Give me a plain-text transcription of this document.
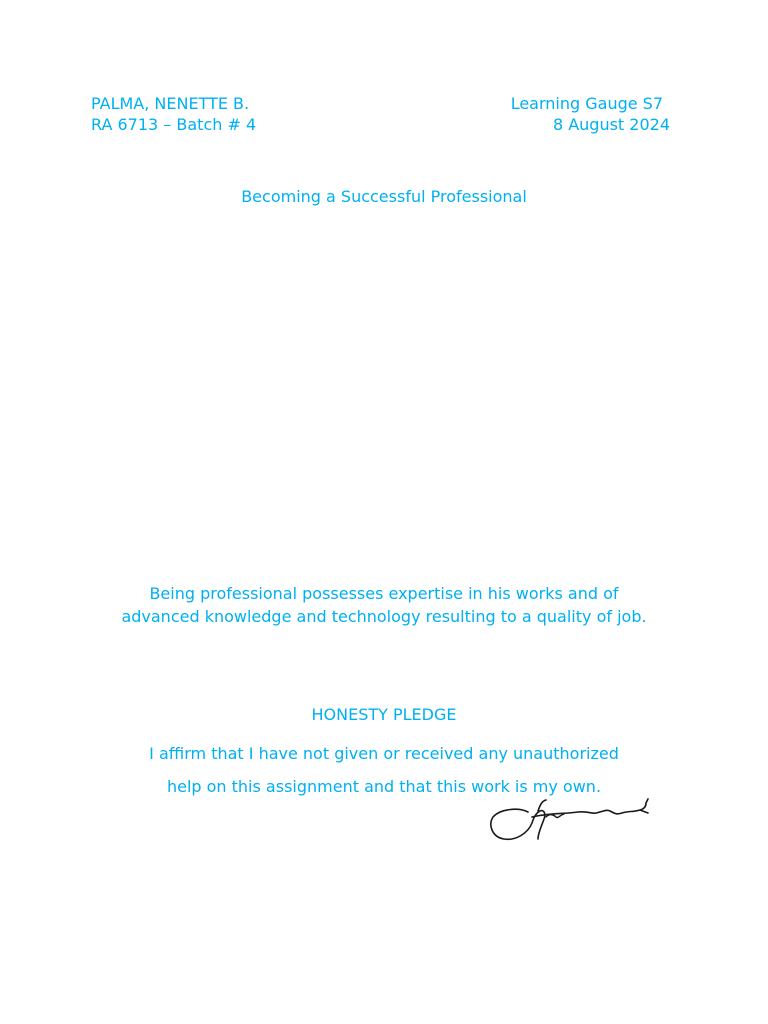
PALMA, NENETTE B.
RA 6713 – Batch # 4
Learning Gauge S7
8 August 2024
Becoming a Successful Professional
Being professional possesses expertise in his works and of
advanced knowledge and technology resulting to a quality of job.
HONESTY PLEDGE
I affirm that I have not given or received any unauthorized
help on this assignment and that this work is my own.
